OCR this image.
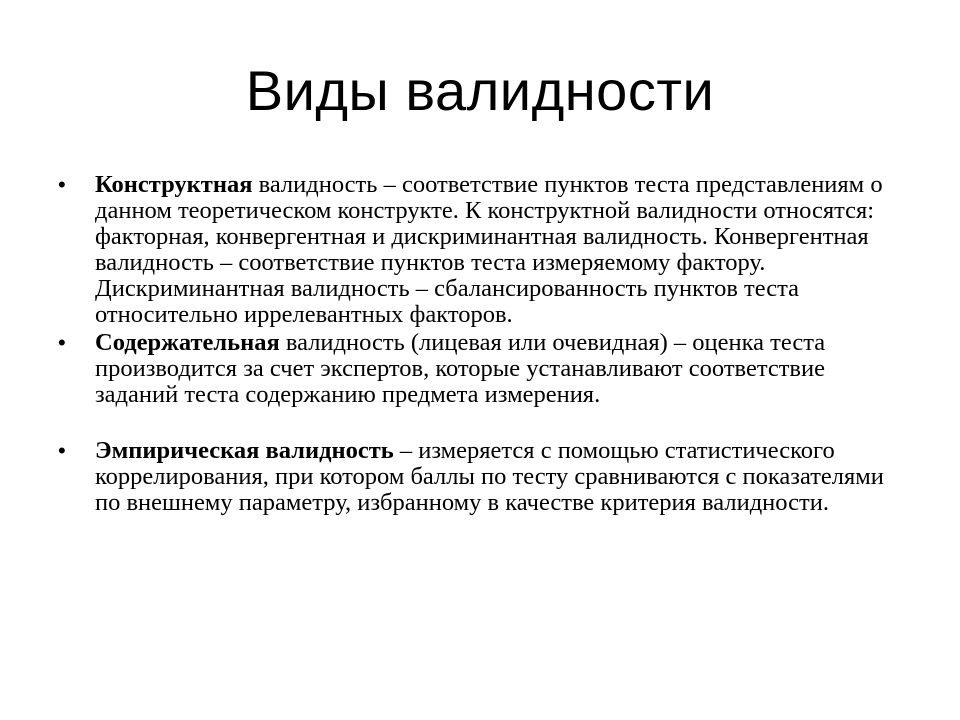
Виды валидности
•	Конструктная валидность – соответствие пунктов теста представлениям о данном теоретическом конструкте. К конструктной валидности относятся: факторная, конвергентная и дискриминантная валидность. Конвергентная валидность – соответствие пунктов теста измеряемому фактору. Дискриминантная валидность – сбалансированность пунктов теста относительно иррелевантных факторов.
•	Содержательная валидность (лицевая или очевидная) – оценка теста производится за счет экспертов, которые устанавливают соответствие заданий теста содержанию предмета измерения.
•	Эмпирическая валидность – измеряется с помощью статистического коррелирования, при котором баллы по тесту сравниваются с показателями по внешнему параметру, избранному в качестве критерия валидности.
